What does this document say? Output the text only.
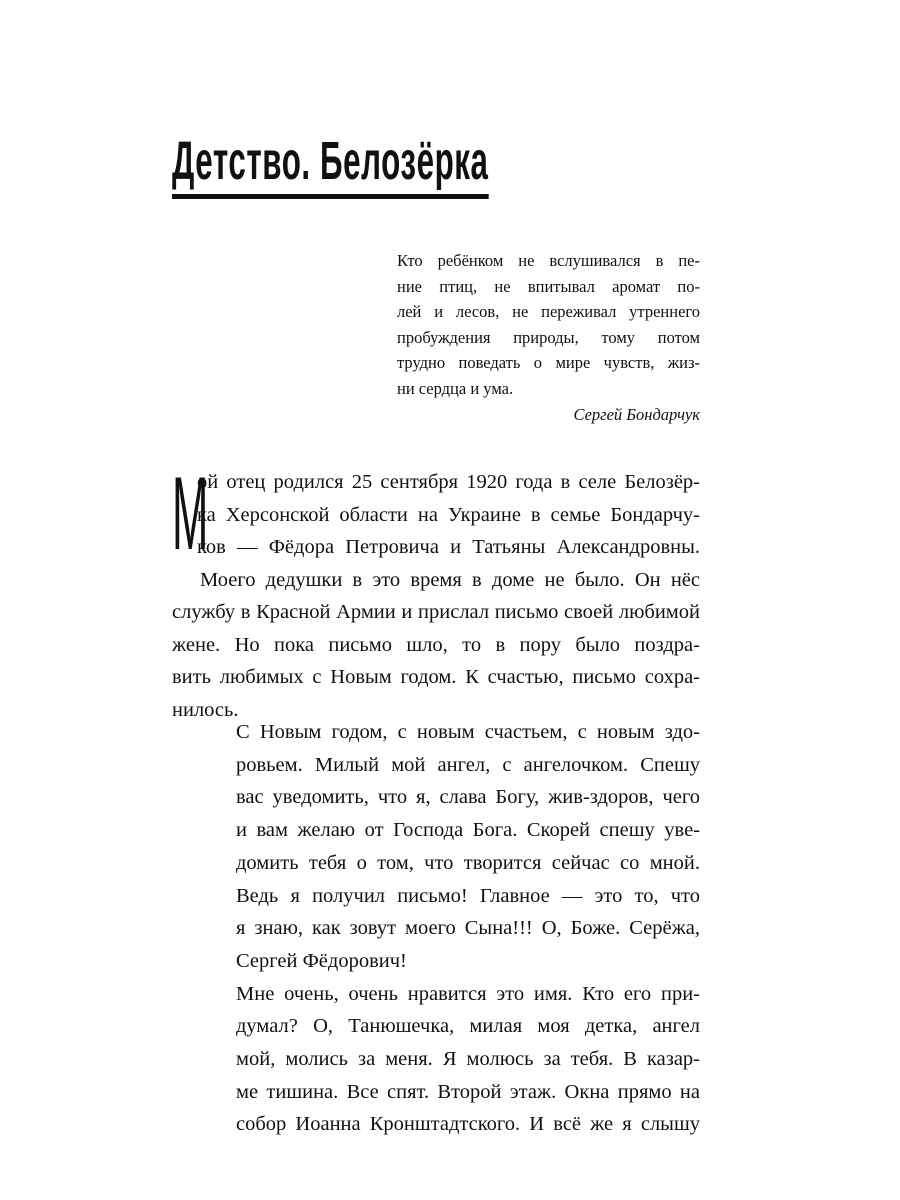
Детство. Белозёрка
Кто ребёнком не вслушивался в пе-
ние птиц, не впитывал аромат по-
лей и лесов, не переживал утреннего
пробуждения природы, тому потом
трудно поведать о мире чувств, жиз-
ни сердца и ума.
Сергей Бондарчук
М
ой отец родился 25 сентября 1920 года в селе Белозёр-
ка Херсонской области на Украине в семье Бондарчу-
ков — Фёдора Петровича и Татьяны Александровны.
Моего дедушки в это время в доме не было. Он нёс
службу в Красной Армии и прислал письмо своей любимой
жене. Но пока письмо шло, то в пору было поздра-
вить любимых с Новым годом. К счастью, письмо сохра-
нилось.
С Новым годом, с новым счастьем, с новым здо-
ровьем. Милый мой ангел, с ангелочком. Спешу
вас уведомить, что я, слава Богу, жив-здоров, чего
и вам желаю от Господа Бога. Скорей спешу уве-
домить тебя о том, что творится сейчас со мной.
Ведь я получил письмо! Главное — это то, что
я знаю, как зовут моего Сына!!! О, Боже. Серёжа,
Сергей Фёдорович!
Мне очень, очень нравится это имя. Кто его при-
думал? О, Танюшечка, милая моя детка, ангел
мой, молись за меня. Я молюсь за тебя. В казар-
ме тишина. Все спят. Второй этаж. Окна прямо на
собор Иоанна Кронштадтского. И всё же я слышу
